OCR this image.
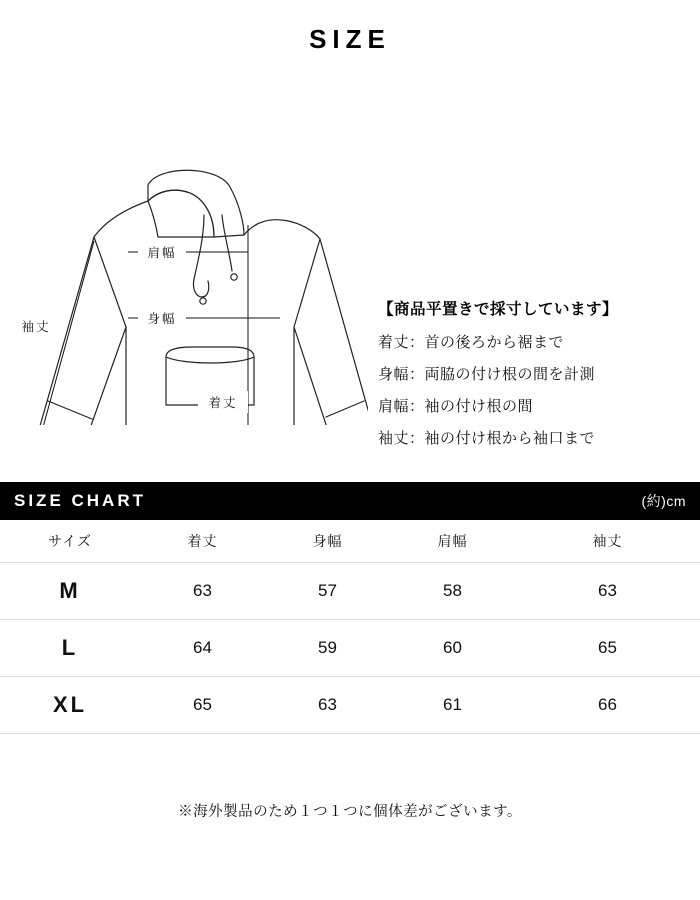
SIZE
肩幅
身幅
着丈
袖丈
【商品平置きで採寸しています】
着丈：首の後ろから裾まで
身幅：両脇の付け根の間を計測
肩幅：袖の付け根の間
袖丈：袖の付け根から袖口まで
SIZE CHART	(約)cm
サイズ	着丈	身幅	肩幅	袖丈
M	63	57	58	63
L	64	59	60	65
XL	65	63	61	66
※海外製品のため１つ１つに個体差がございます。
